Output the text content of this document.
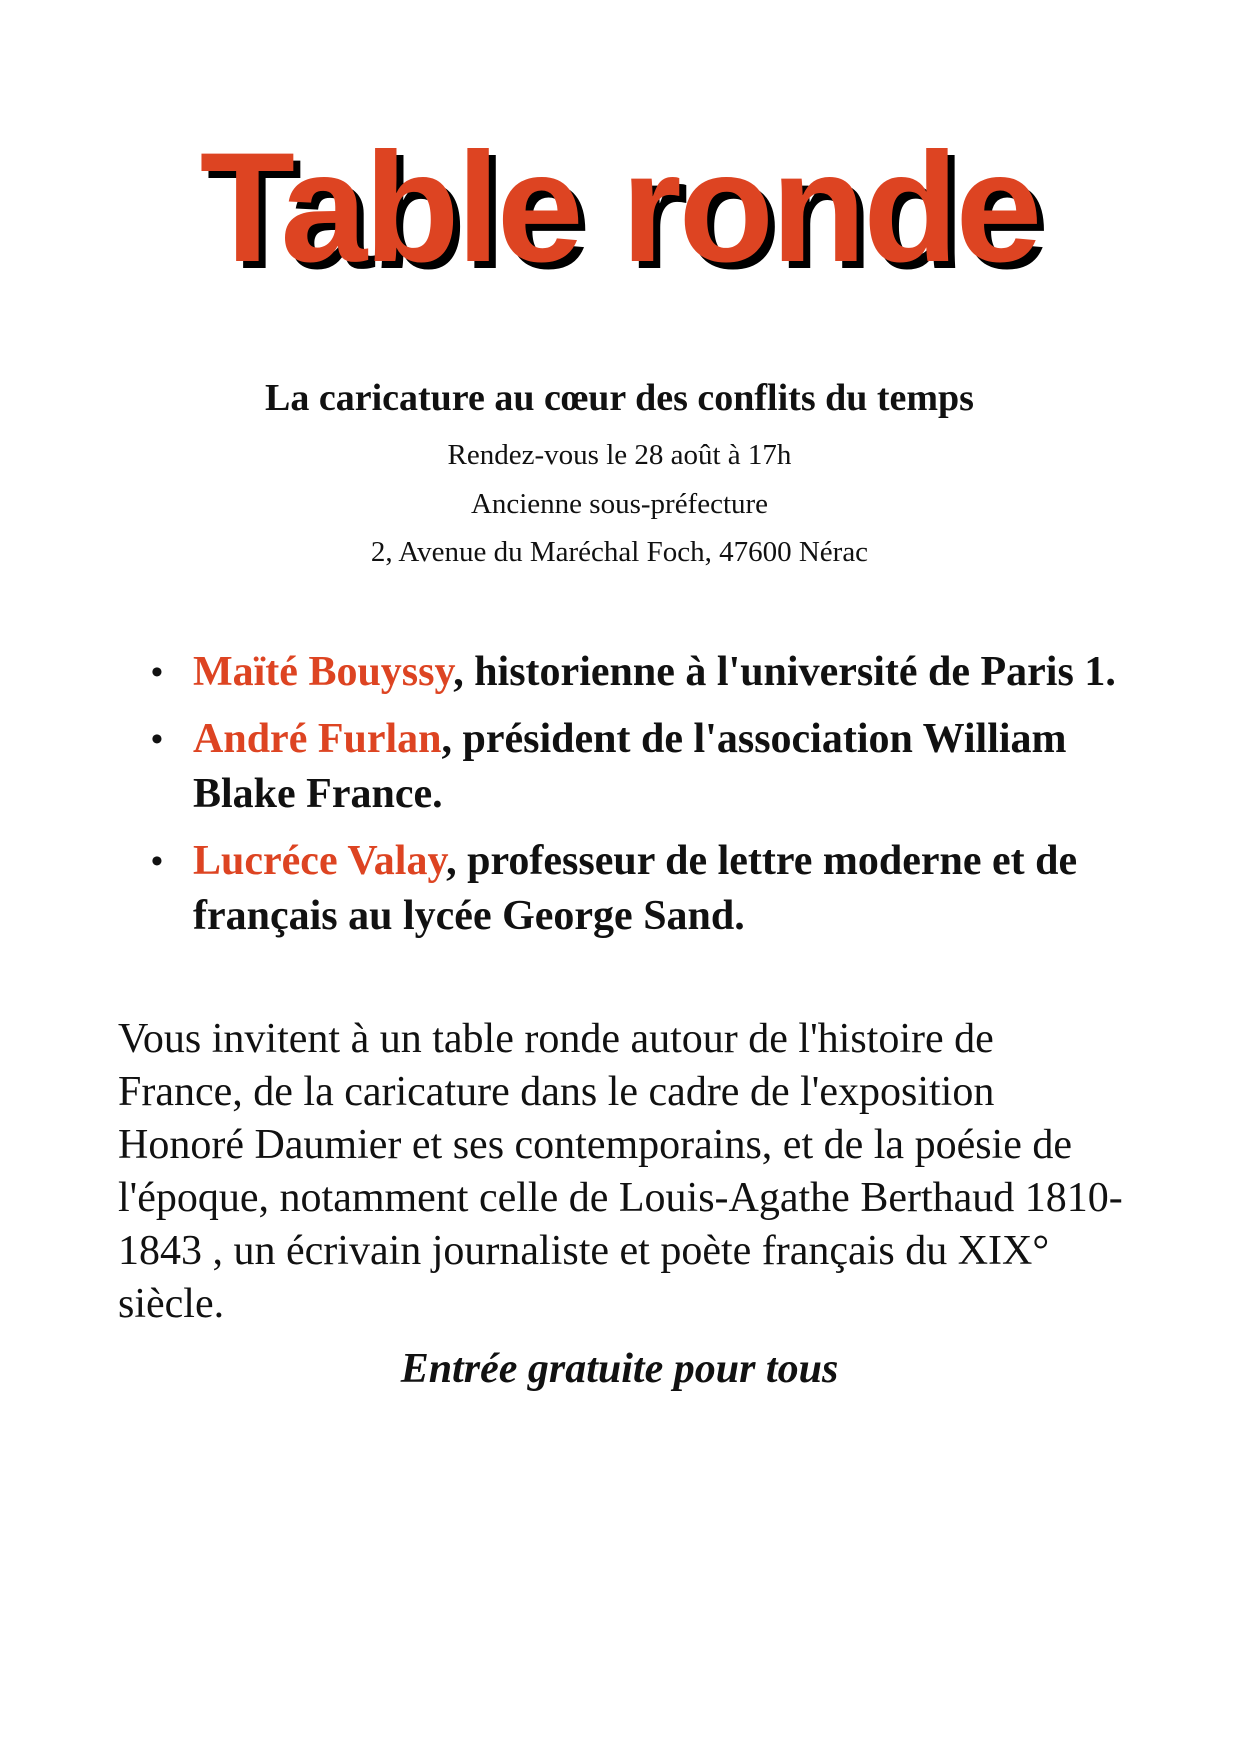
Table ronde
La caricature au cœur des conflits du temps
Rendez-vous le 28 août à 17h
Ancienne sous-préfecture
2, Avenue du Maréchal Foch, 47600 Nérac
• Maïté Bouyssy, historienne à l'université de Paris 1.
• André Furlan, président de l'association William Blake France.
• Lucréce Valay, professeur de lettre moderne et de français au lycée George Sand.

Vous invitent à un table ronde autour de l'histoire de France, de la caricature dans le cadre de l'exposition Honoré Daumier et ses contemporains, et de la poésie de l'époque, notamment celle de Louis-Agathe Berthaud 1810-1843 , un écrivain journaliste et poète français du XIX° siècle.

Entrée gratuite pour tous
